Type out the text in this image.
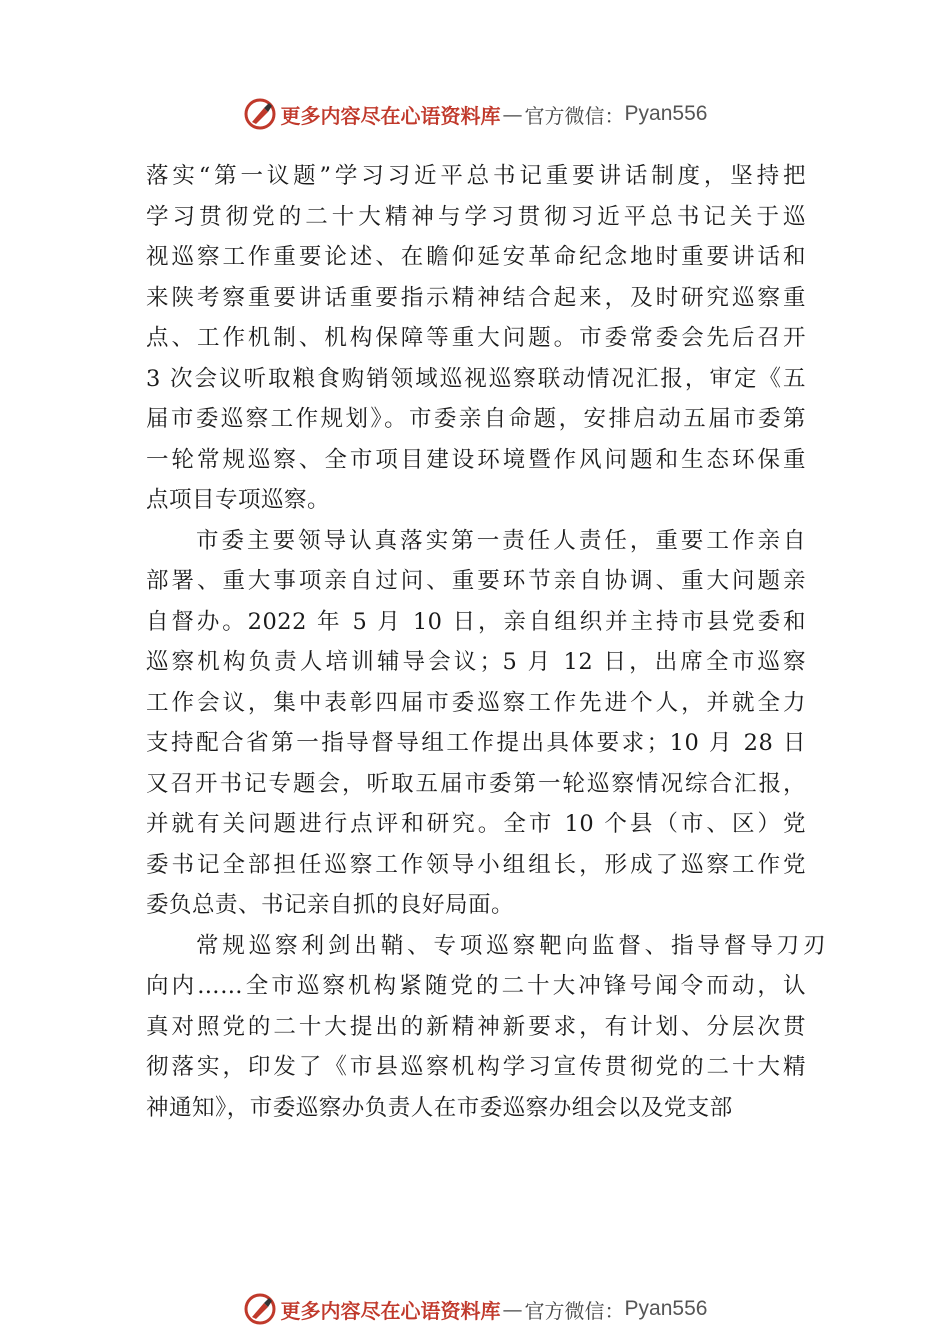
更多内容尽在心语资料库 — 官方微信： Pyan556
落实“第一议题”学习习近平总书记重要讲话制度，坚持把
学习贯彻党的二十大精神与学习贯彻习近平总书记关于巡
视巡察工作重要论述、在瞻仰延安革命纪念地时重要讲话和
来陕考察重要讲话重要指示精神结合起来，及时研究巡察重
点、工作机制、机构保障等重大问题。市委常委会先后召开
3 次会议听取粮食购销领域巡视巡察联动情况汇报，审定《五
届市委巡察工作规划》。市委亲自命题，安排启动五届市委第
一轮常规巡察、全市项目建设环境暨作风问题和生态环保重
点项目专项巡察。
市委主要领导认真落实第一责任人责任，重要工作亲自
部署、重大事项亲自过问、重要环节亲自协调、重大问题亲
自督办。2022 年 5 月 10 日，亲自组织并主持市县党委和
巡察机构负责人培训辅导会议；5 月 12 日，出席全市巡察
工作会议，集中表彰四届市委巡察工作先进个人，并就全力
支持配合省第一指导督导组工作提出具体要求；10 月 28 日
又召开书记专题会，听取五届市委第一轮巡察情况综合汇报，
并就有关问题进行点评和研究。全市 10 个县（市、区）党
委书记全部担任巡察工作领导小组组长，形成了巡察工作党
委负总责、书记亲自抓的良好局面。
常规巡察利剑出鞘、专项巡察靶向监督、指导督导刀刃
向内……全市巡察机构紧随党的二十大冲锋号闻令而动，认
真对照党的二十大提出的新精神新要求，有计划、分层次贯
彻落实，印发了《市县巡察机构学习宣传贯彻党的二十大精
神通知》，市委巡察办负责人在市委巡察办组会以及党支部
更多内容尽在心语资料库 — 官方微信： Pyan556
